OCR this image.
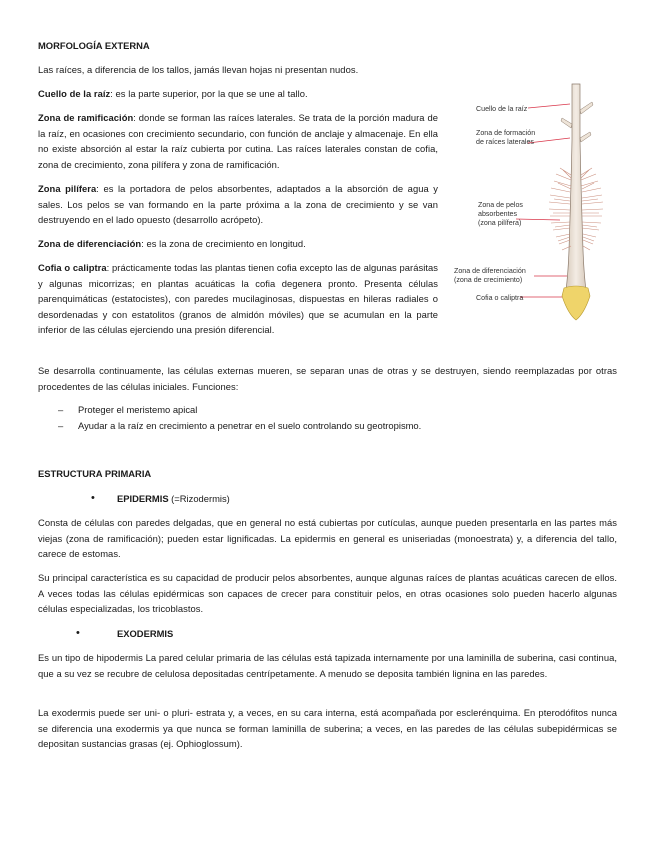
MORFOLOGÍA EXTERNA

Las raíces, a diferencia de los tallos, jamás llevan hojas ni presentan nudos.

Cuello de la raíz: es la parte superior, por la que se une al tallo.

Zona de ramificación: donde se forman las raíces laterales. Se trata de la porción madura de la raíz, en ocasiones con crecimiento secundario, con función de anclaje y almacenaje. En ella no existe absorción al estar la raíz cubierta por cutina. Las raíces laterales constan de cofia, zona de crecimiento, zona pilífera y zona de ramificación.

Zona pilífera: es la portadora de pelos absorbentes, adaptados a la absorción de agua y sales. Los pelos se van formando en la parte próxima a la zona de crecimiento y se van destruyendo en el lado opuesto (desarrollo acrópeto).

Zona de diferenciación: es la zona de crecimiento en longitud.

Cofia o caliptra: prácticamente todas las plantas tienen cofia excepto las de algunas parásitas y algunas micorrizas; en plantas acuáticas la cofia degenera pronto. Presenta células parenquimáticas (estatocistes), con paredes mucilaginosas, dispuestas en hileras radiales o desordenadas y con estatolitos (granos de almidón móviles) que se acumulan en la parte inferior de las células ejerciendo una presión diferencial.

Se desarrolla continuamente, las células externas mueren, se separan unas de otras y se destruyen, siendo reemplazadas por otras procedentes de las células iniciales. Funciones:

– Proteger el meristemo apical

– Ayudar a la raíz en crecimiento a penetrar en el suelo controlando su geotropismo.

Cuello de la raíz
Zona de formación
de raíces laterales
Zona de pelos
absorbentes
(zona pilífera)
Zona de diferenciación
(zona de crecimiento)
Cofia o caliptra
ESTRUCTURA PRIMARIA
• EPIDERMIS (=Rizodermis)

Consta de células con paredes delgadas, que en general no está cubiertas por cutículas, aunque pueden presentarla en las partes más viejas (zona de ramificación); pueden estar lignificadas. La epidermis en general es uniseriadas (monoestrata) y, a diferencia del tallo, carece de estomas.

Su principal característica es su capacidad de producir pelos absorbentes, aunque algunas raíces de plantas acuáticas carecen de ellos. A veces todas las células epidérmicas son capaces de crecer para constituir pelos, en otras ocasiones solo pueden hacerlo algunas células especializadas, los tricoblastos.

•	EXODERMIS

Es un tipo de hipodermis La pared celular primaria de las células está tapizada internamente por una laminilla de suberina, casi continua, que a su vez se recubre de celulosa depositadas centrípetamente. A menudo se deposita también lignina en las paredes.

La exodermis puede ser uni- o pluri- estrata y, a veces, en su cara interna, está acompañada por esclerénquima. En pterodófitos nunca se diferencia una exodermis ya que nunca se forman laminilla de suberina; a veces, en las paredes de las células subepidérmicas se depositan sustancias grasas (ej. Ophioglossum).
